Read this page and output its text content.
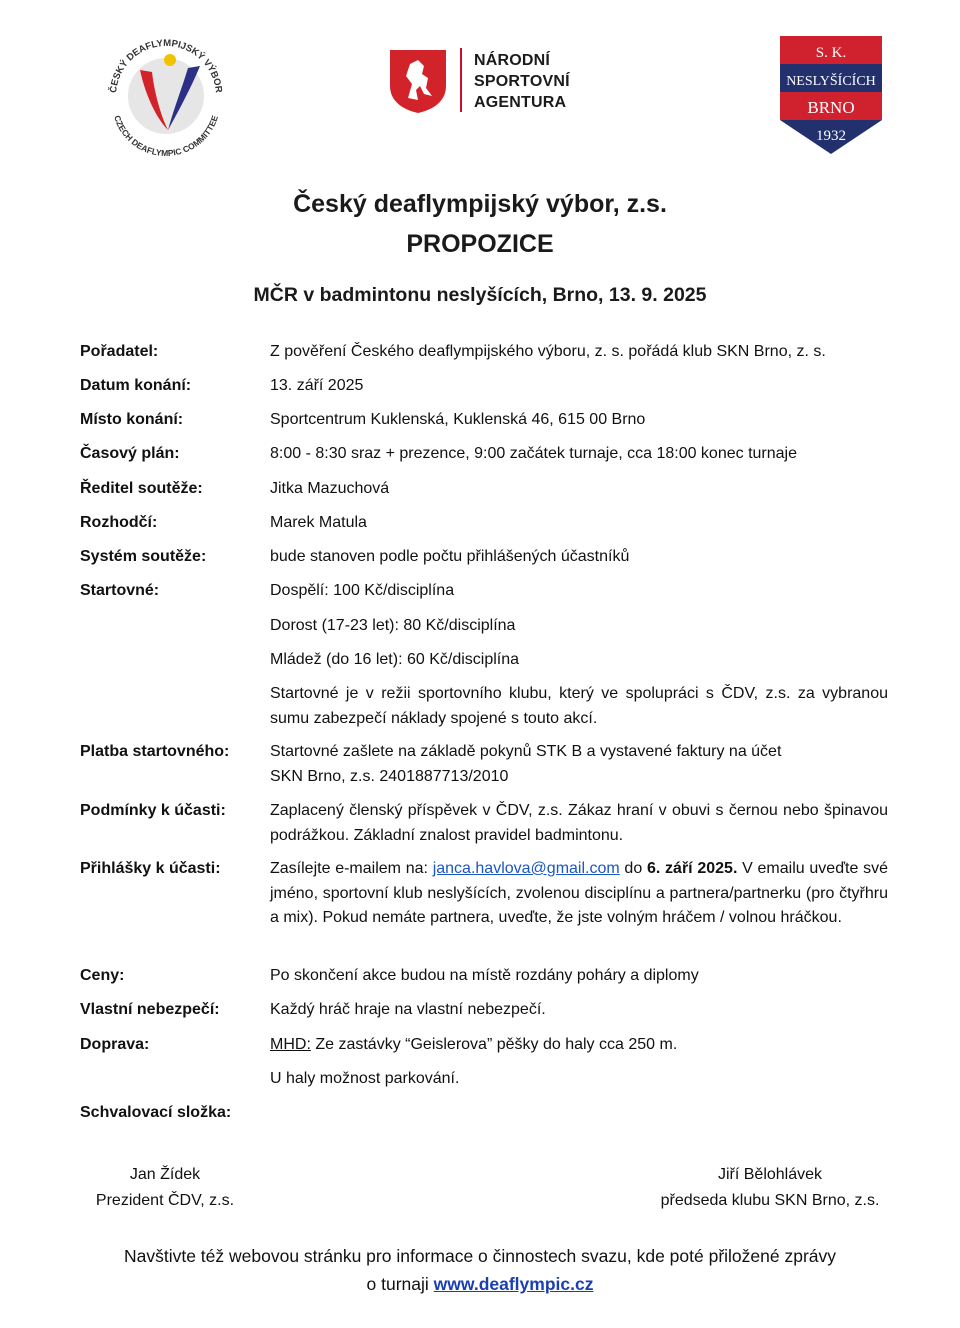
ČESKÝ DEAFLYMPIJSKÝ VÝBOR
CZECH DEAFLYMPIC COMMITTEE
NÁRODNÍ
SPORTOVNÍ
AGENTURA
S. K.
NESLYŠÍCÍCH
BRNO
1932
Český deaflympijský výbor, z.s.
PROPOZICE
MČR v badmintonu neslyšících, Brno, 13. 9. 2025
Pořadatel:	Z pověření Českého deaflympijského výboru, z. s. pořádá klub SKN Brno, z. s.
Datum konání:	13. září 2025
Místo konání:	Sportcentrum Kuklenská, Kuklenská 46, 615 00 Brno
Časový plán:	8:00 - 8:30 sraz + prezence, 9:00 začátek turnaje, cca 18:00 konec turnaje
Ředitel soutěže:	Jitka Mazuchová
Rozhodčí:	Marek Matula
Systém soutěže:	bude stanoven podle počtu přihlášených účastníků
Startovné:	Dospělí: 100 Kč/disciplína
Dorost (17-23 let): 80 Kč/disciplína
Mládež (do 16 let): 60 Kč/disciplína
Startovné je v režii sportovního klubu, který ve spolupráci s ČDV, z.s. za vybranou sumu zabezpečí náklady spojené s touto akcí.
Platba startovného:	Startovné zašlete na základě pokynů STK B a vystavené faktury na účet
SKN Brno, z.s. 2401887713/2010
Podmínky k účasti:	Zaplacený členský příspěvek v ČDV, z.s. Zákaz hraní v obuvi s černou nebo špinavou podrážkou. Základní znalost pravidel badmintonu.
Přihlášky k účasti:	Zasílejte e-mailem na: janca.havlova@gmail.com do 6. září 2025. V emailu uveďte své jméno, sportovní klub neslyšících, zvolenou disciplínu a partnera/partnerku (pro čtyřhru a mix). Pokud nemáte partnera, uveďte, že jste volným hráčem / volnou hráčkou.
Ceny:	Po skončení akce budou na místě rozdány poháry a diplomy
Vlastní nebezpečí:	Každý hráč hraje na vlastní nebezpečí.
Doprava:	MHD: Ze zastávky “Geislerova” pěšky do haly cca 250 m.
U haly možnost parkování.
Schvalovací složka:
Jan Žídek
Prezident ČDV, z.s.
Jiří Bělohlávek
předseda klubu SKN Brno, z.s.
Navštivte též webovou stránku pro informace o činnostech svazu, kde poté přiložené zprávy
o turnaji www.deaflympic.cz
